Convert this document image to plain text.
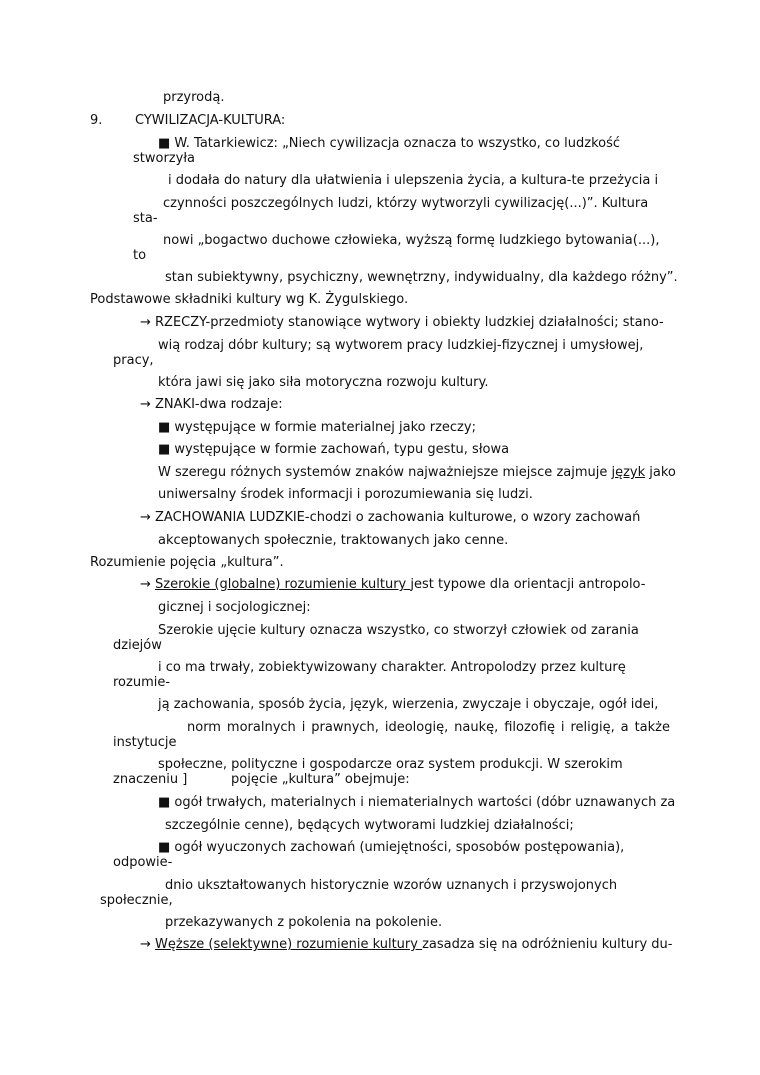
przyrodą.
9.	CYWILIZACJA-KULTURA:
■ W. Tatarkiewicz: „Niech cywilizacja oznacza to wszystko, co ludzkość
stworzyła
i dodała do natury dla ułatwienia i ulepszenia życia, a kultura-te przeżycia i
czynności poszczególnych ludzi, którzy wytworzyli cywilizację(...)”. Kultura
sta-
nowi „bogactwo duchowe człowieka, wyższą formę ludzkiego bytowania(...),
to
stan subiektywny, psychiczny, wewnętrzny, indywidualny, dla każdego różny”.
Podstawowe składniki kultury wg K. Żygulskiego.
→ RZECZY-przedmioty stanowiące wytwory i obiekty ludzkiej działalności; stano-
wią rodzaj dóbr kultury; są wytworem pracy ludzkiej-fizycznej i umysłowej,
pracy,
która jawi się jako siła motoryczna rozwoju kultury.
→ ZNAKI-dwa rodzaje:
■ występujące w formie materialnej jako rzeczy;
■ występujące w formie zachowań, typu gestu, słowa
W szeregu różnych systemów znaków najważniejsze miejsce zajmuje język jako
uniwersalny środek informacji i porozumiewania się ludzi.
→ ZACHOWANIA LUDZKIE-chodzi o zachowania kulturowe, o wzory zachowań
akceptowanych społecznie, traktowanych jako cenne.
Rozumienie pojęcia „kultura”.
→ Szerokie (globalne) rozumienie kultury jest typowe dla orientacji antropolo-
gicznej i socjologicznej:
Szerokie ujęcie kultury oznacza wszystko, co stworzył człowiek od zarania
dziejów
i co ma trwały, zobiektywizowany charakter. Antropolodzy przez kulturę
rozumie-
ją zachowania, sposób życia, język, wierzenia, zwyczaje i obyczaje, ogół idei,
norm moralnych i prawnych, ideologię, naukę, filozofię i religię, a także
instytucje
społeczne, polityczne i gospodarcze oraz system produkcji. W szerokim
znaczeniu ]	pojęcie „kultura” obejmuje:
■ ogół trwałych, materialnych i niematerialnych wartości (dóbr uznawanych za
szczególnie cenne), będących wytworami ludzkiej działalności;
■ ogół wyuczonych zachowań (umiejętności, sposobów postępowania),
odpowie-
dnio ukształtowanych historycznie wzorów uznanych i przyswojonych
społecznie,
przekazywanych z pokolenia na pokolenie.
→ Węższe (selektywne) rozumienie kultury zasadza się na odróżnieniu kultury du-
